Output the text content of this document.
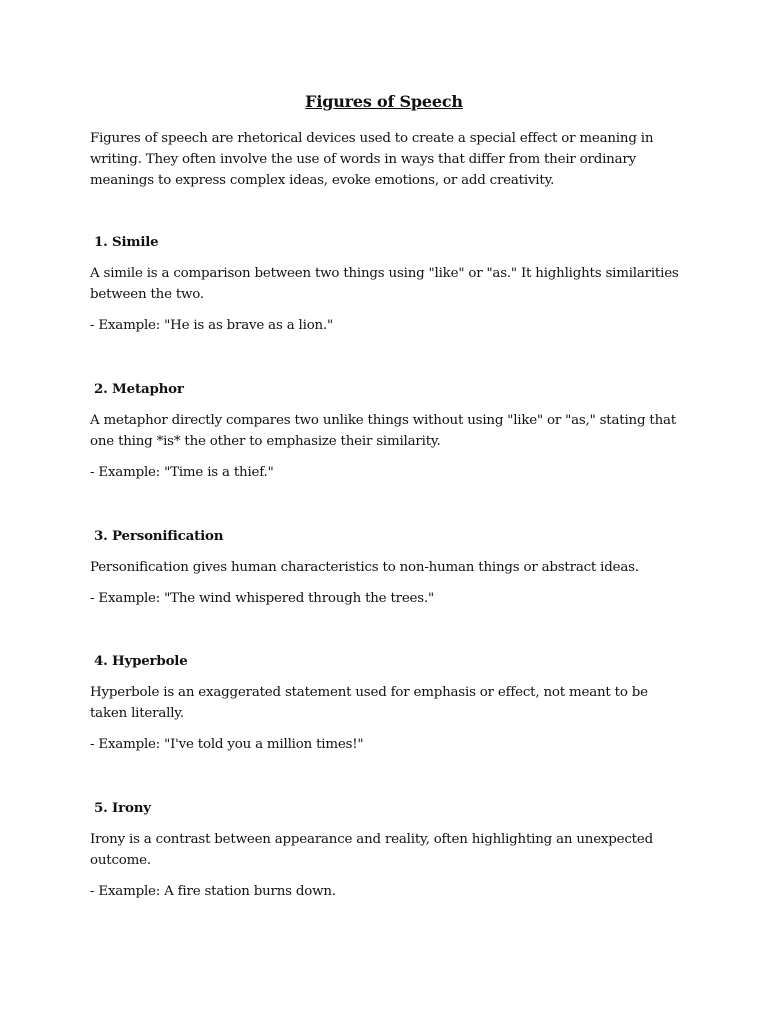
Figures of Speech
Figures of speech are rhetorical devices used to create a special effect or meaning in writing. They often involve the use of words in ways that differ from their ordinary meanings to express complex ideas, evoke emotions, or add creativity.
1. Simile
A simile is a comparison between two things using "like" or "as." It highlights similarities between the two.
- Example: "He is as brave as a lion."
2. Metaphor
A metaphor directly compares two unlike things without using "like" or "as," stating that one thing *is* the other to emphasize their similarity.
- Example: "Time is a thief."
3. Personification
Personification gives human characteristics to non-human things or abstract ideas.
- Example: "The wind whispered through the trees."
4. Hyperbole
Hyperbole is an exaggerated statement used for emphasis or effect, not meant to be taken literally.
- Example: "I've told you a million times!"
5. Irony
Irony is a contrast between appearance and reality, often highlighting an unexpected outcome.
- Example: A fire station burns down.
